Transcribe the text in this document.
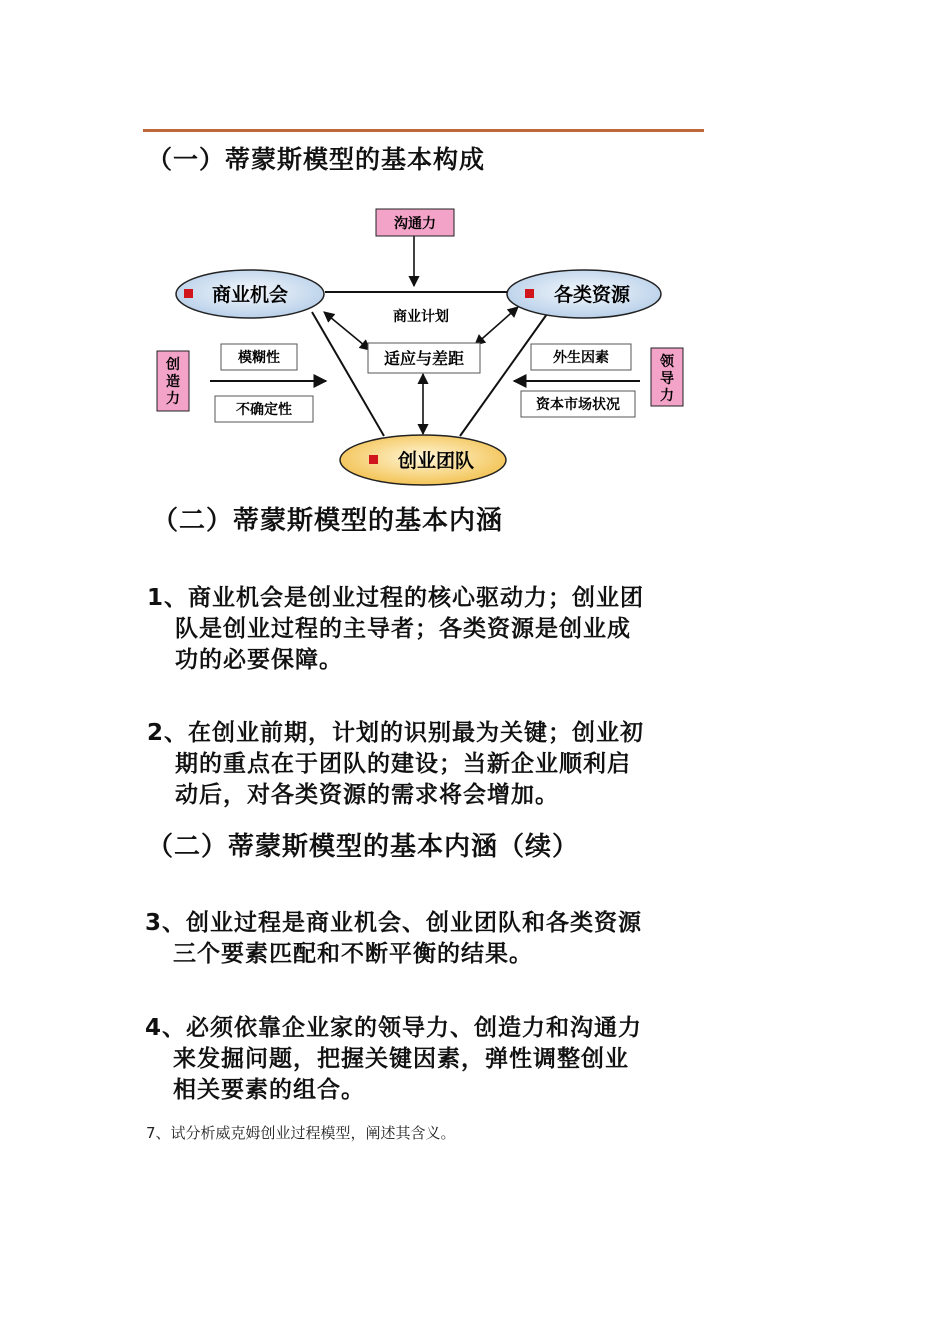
（一）蒂蒙斯模型的基本构成
沟通力
商业机会	各类资源
创业团队
商业计划
适应与差距
模糊性
不确定性
外生因素
资本市场状况
创
造
力
领
导
力
（二）蒂蒙斯模型的基本内涵
1、商业机会是创业过程的核心驱动力；创业团
队是创业过程的主导者；各类资源是创业成
功的必要保障。
2、在创业前期，计划的识别最为关键；创业初
期的重点在于团队的建设；当新企业顺利启
动后，对各类资源的需求将会增加。
（二）蒂蒙斯模型的基本内涵（续）
3、创业过程是商业机会、创业团队和各类资源
三个要素匹配和不断平衡的结果。
4、必须依靠企业家的领导力、创造力和沟通力
来发掘问题，把握关键因素，弹性调整创业
相关要素的组合。
7、试分析威克姆创业过程模型，阐述其含义。
